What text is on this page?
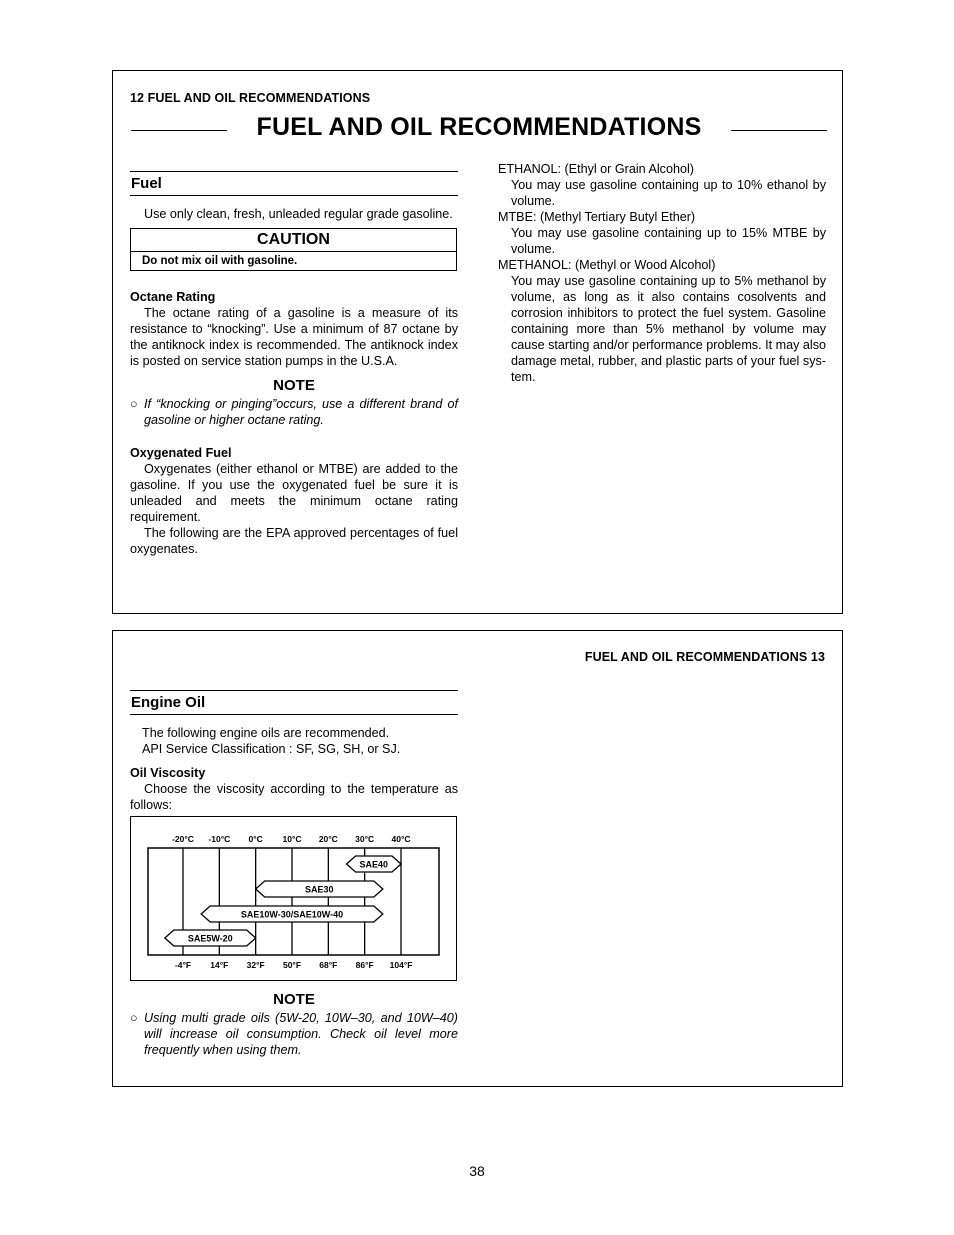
12 FUEL AND OIL RECOMMENDATIONS
FUEL AND OIL RECOMMENDATIONS
Fuel
Use only clean, fresh, unleaded regular grade gasoline.
CAUTION
Do not mix oil with gasoline.
Octane Rating
The octane rating of a gasoline is a measure of its resistance to “knocking”. Use a minimum of 87 octane by the antiknock index is recommended. The antiknock index is posted on service station pumps in the U.S.A.
NOTE
○ If “knocking or pinging”occurs, use a different brand of gasoline or higher octane rating.
Oxygenated Fuel
Oxygenates (either ethanol or MTBE) are added to the gasoline. If you use the oxygenated fuel be sure it is unleaded and meets the minimum octane rating requirement.
The following are the EPA approved percentages of fuel oxygenates.
ETHANOL: (Ethyl or Grain Alcohol)
You may use gasoline containing up to 10% ethanol by volume.
MTBE: (Methyl Tertiary Butyl Ether)
You may use gasoline containing up to 15% MTBE by volume.
METHANOL: (Methyl or Wood Alcohol)
You may use gasoline containing up to 5% methanol by volume, as long as it also contains cosolvents and corrosion inhibitors to protect the fuel system. Gasoline containing more than 5% methanol by volume may cause starting and/or performance problems. It may also damage metal, rubber, and plastic parts of your fuel sys-tem.
FUEL AND OIL RECOMMENDATIONS 13
Engine Oil
The following engine oils are recommended.
API Service Classification : SF, SG, SH, or SJ.
Oil Viscosity
Choose the viscosity according to the temperature as follows:
-20°C
-4°F
-10°C
14°F
0°C
32°F
10°C
50°F
20°C
68°F
30°C
86°F
40°C
104°F
SAE40
SAE30
SAE10W-30/SAE10W-40
SAE5W-20
NOTE
○ Using multi grade oils (5W-20, 10W–30, and 10W–40) will increase oil consumption. Check oil level more frequently when using them.
38
